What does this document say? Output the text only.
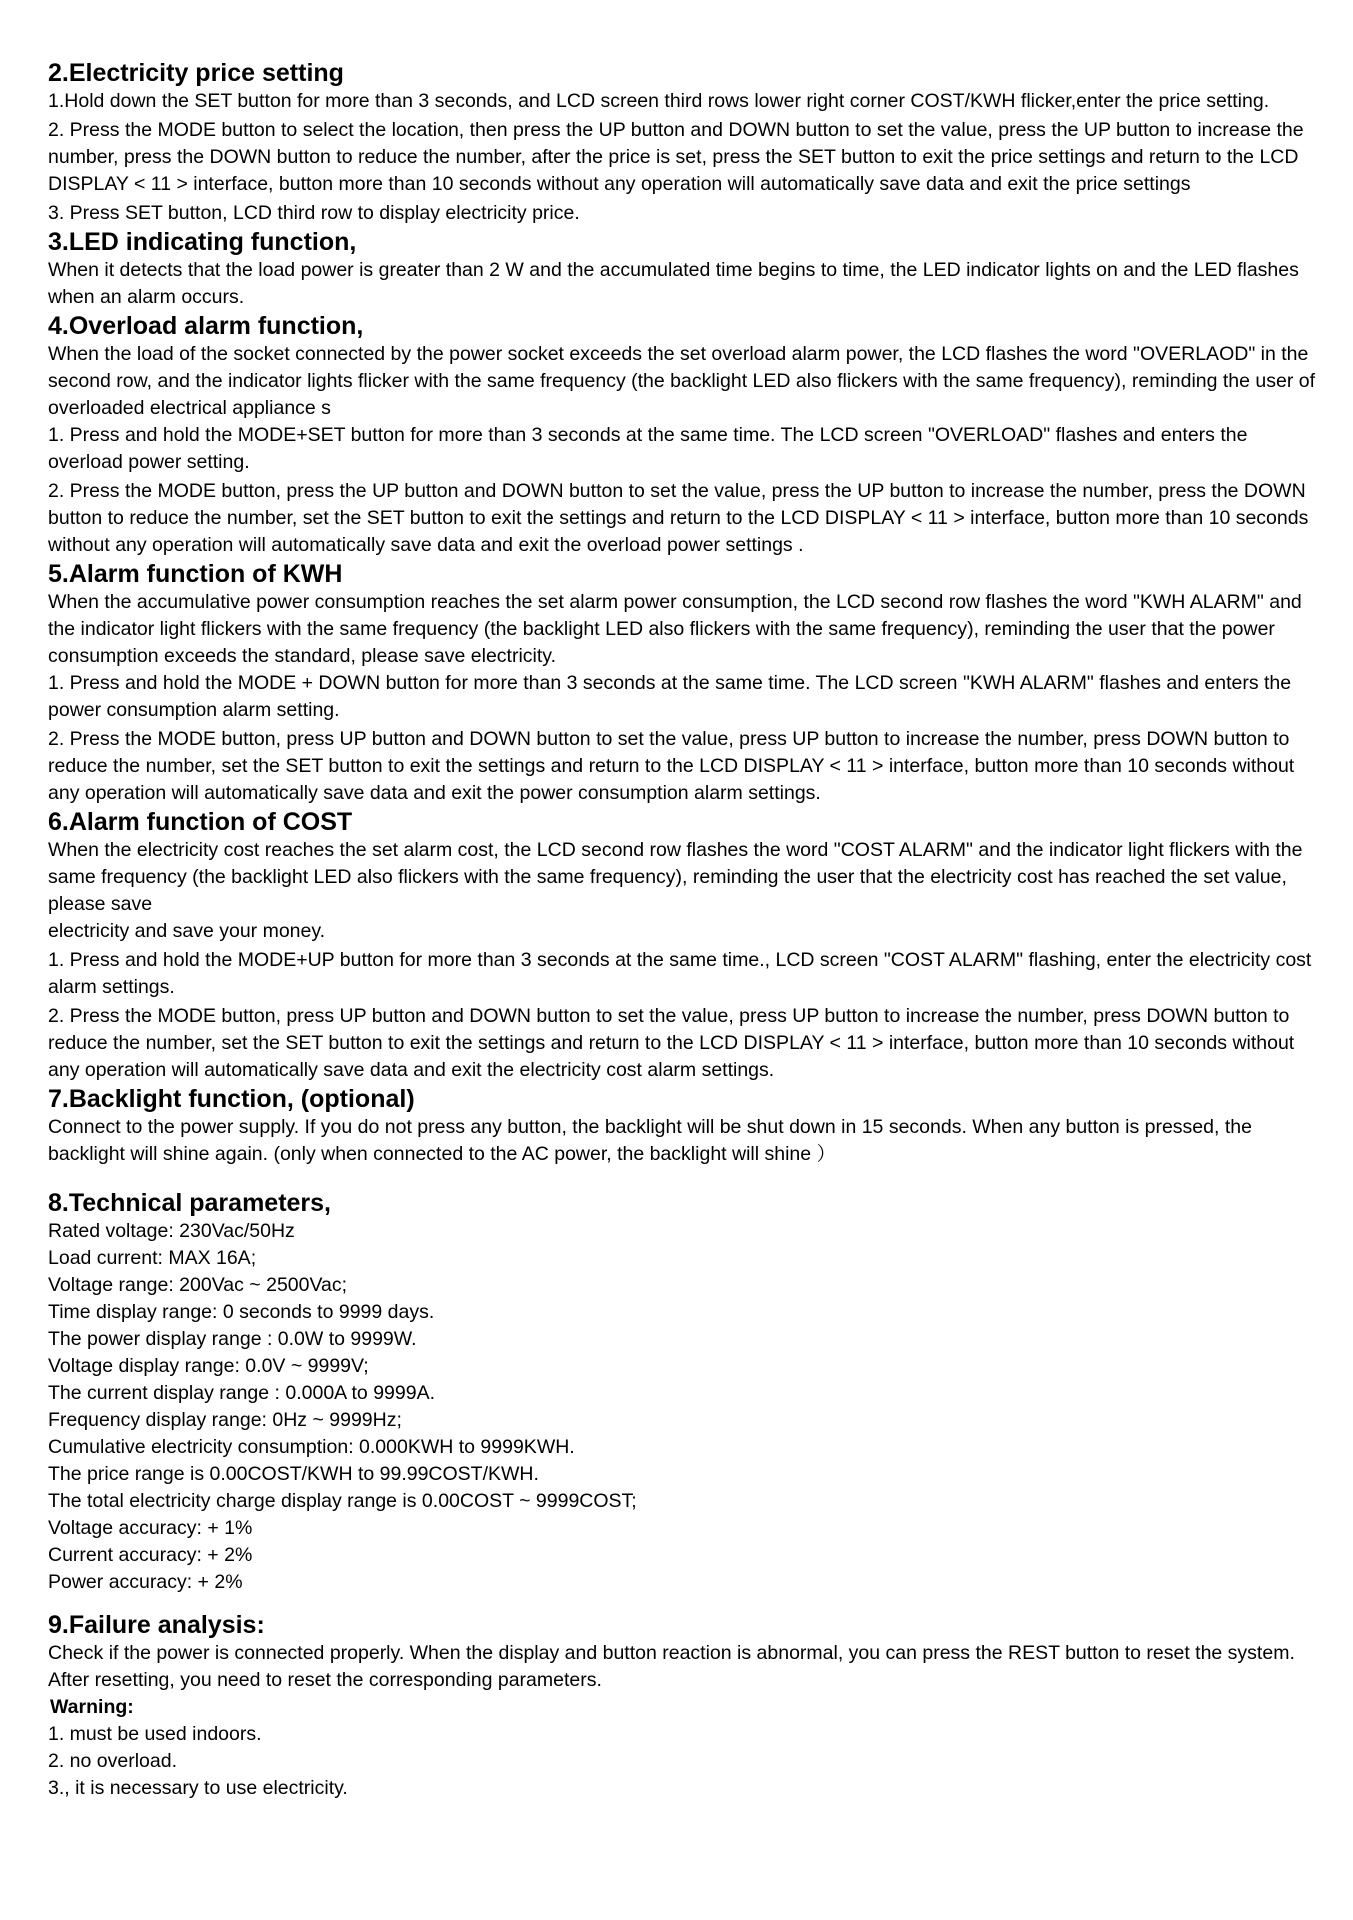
2.Electricity price setting

1.Hold down the SET button for more than 3 seconds, and LCD screen third rows lower right corner COST/KWH flicker,enter the price setting.

2. Press the MODE button to select the location, then press the UP button and DOWN button to set the value, press the UP button to increase the number, press the DOWN button to reduce the number, after the price is set, press the SET button to exit the price settings and return to the LCD DISPLAY < 11 > interface, button more than 10 seconds without any operation will automatically save data and exit the price settings

3. Press SET button, LCD third row to display electricity price.

3.LED indicating function,

When it detects that the load power is greater than 2 W and the accumulated time begins to time, the LED indicator lights on and the LED flashes when an alarm occurs.

4.Overload alarm function,

When the load of the socket connected by the power socket exceeds the set overload alarm power, the LCD flashes the word "OVERLAOD" in the second row, and the indicator lights flicker with the same frequency (the backlight LED also flickers with the same frequency), reminding the user of overloaded electrical appliance s

1. Press and hold the MODE+SET button for more than 3 seconds at the same time. The LCD screen "OVERLOAD" flashes and enters the overload power setting.

2. Press the MODE button, press the UP button and DOWN button to set the value, press the UP button to increase the number, press the DOWN button to reduce the number, set the SET button to exit the settings and return to the LCD DISPLAY < 11 > interface, button more than 10 seconds without any operation will automatically save data and exit the overload power settings .

5.Alarm function of KWH

When the accumulative power consumption reaches the set alarm power consumption, the LCD second row flashes the word "KWH ALARM" and the indicator light flickers with the same frequency (the backlight LED also flickers with the same frequency), reminding the user that the power consumption exceeds the standard, please save electricity.

1. Press and hold the MODE + DOWN button for more than 3 seconds at the same time. The LCD screen "KWH ALARM" flashes and enters the power consumption alarm setting.

2. Press the MODE button, press UP button and DOWN button to set the value, press UP button to increase the number, press DOWN button to reduce the number, set the SET button to exit the settings and return to the LCD DISPLAY < 11 > interface, button more than 10 seconds without any operation will automatically save data and exit the power consumption alarm settings.

6.Alarm function of COST

When the electricity cost reaches the set alarm cost, the LCD second row flashes the word "COST ALARM" and the indicator light flickers with the same frequency (the backlight LED also flickers with the same frequency), reminding the user that the electricity cost has reached the set value, please save

electricity and save your money.

1. Press and hold the MODE+UP button for more than 3 seconds at the same time., LCD screen "COST ALARM" flashing, enter the electricity cost alarm settings.

2. Press the MODE button, press UP button and DOWN button to set the value, press UP button to increase the number, press DOWN button to reduce the number, set the SET button to exit the settings and return to the LCD DISPLAY < 11 > interface, button more than 10 seconds without any operation will automatically save data and exit the electricity cost alarm settings.

7.Backlight function, (optional)

Connect to the power supply. If you do not press any button, the backlight will be shut down in 15 seconds. When any button is pressed, the backlight will shine again. (only when connected to the AC power, the backlight will shine ）

8.Technical parameters,

Rated voltage: 230Vac/50Hz

Load current: MAX 16A;

Voltage range: 200Vac ~ 2500Vac;

Time display range: 0 seconds to 9999 days.

The power display range : 0.0W to 9999W.

Voltage display range: 0.0V ~ 9999V;

The current display range : 0.000A to 9999A.

Frequency display range: 0Hz ~ 9999Hz;

Cumulative electricity consumption: 0.000KWH to 9999KWH.

The price range is 0.00COST/KWH to 99.99COST/KWH.

The total electricity charge display range is 0.00COST ~ 9999COST;

Voltage accuracy: + 1%

Current accuracy: + 2%

Power accuracy: + 2%

9.Failure analysis:

Check if the power is connected properly. When the display and button reaction is abnormal, you can press the REST button to reset the system. After resetting, you need to reset the corresponding parameters.

Warning:

1. must be used indoors.

2. no overload.

3., it is necessary to use electricity.
